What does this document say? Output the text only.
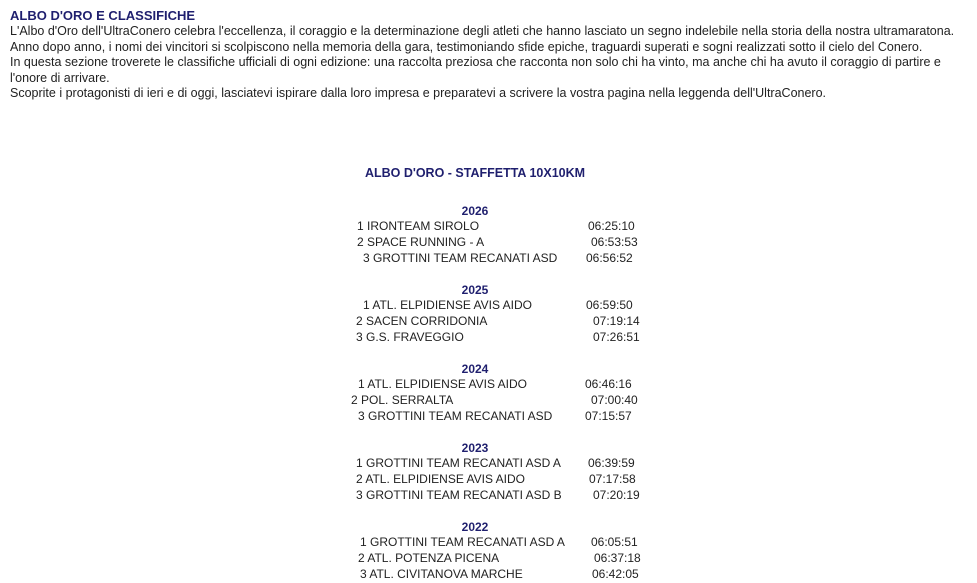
ALBO D'ORO E CLASSIFICHE

L'Albo d'Oro dell'UltraConero celebra l'eccellenza, il coraggio e la determinazione degli atleti che hanno lasciato un segno indelebile nella storia della nostra ultramaratona.

Anno dopo anno, i nomi dei vincitori si scolpiscono nella memoria della gara, testimoniando sfide epiche, traguardi superati e sogni realizzati sotto il cielo del Conero.

In questa sezione troverete le classifiche ufficiali di ogni edizione: una raccolta preziosa che racconta non solo chi ha vinto, ma anche chi ha avuto il coraggio di partire e l'onore di arrivare.

Scoprite i protagonisti di ieri e di oggi, lasciatevi ispirare dalla loro impresa e preparatevi a scrivere la vostra pagina nella leggenda dell'UltraConero.

ALBO D'ORO - STAFFETTA 10X10KM
2026
1 IRONTEAM SIROLO	06:25:10
2 SPACE RUNNING - A	06:53:53
3 GROTTINI TEAM RECANATI ASD 06:56:52
2025
1 ATL. ELPIDIENSE AVIS AIDO	06:59:50
2 SACEN CORRIDONIA	07:19:14
3 G.S. FRAVEGGIO	07:26:51
2024
1 ATL. ELPIDIENSE AVIS AIDO	06:46:16
2 POL. SERRALTA	07:00:40
3 GROTTINI TEAM RECANATI ASD	07:15:57
2023
1 GROTTINI TEAM RECANATI ASD A 06:39:59
2 ATL. ELPIDIENSE AVIS AIDO	07:17:58
3 GROTTINI TEAM RECANATI ASD B	07:20:19
2022
1 GROTTINI TEAM RECANATI ASD A 06:05:51
2 ATL. POTENZA PICENA	06:37:18
3 ATL. CIVITANOVA MARCHE	06:42:05
